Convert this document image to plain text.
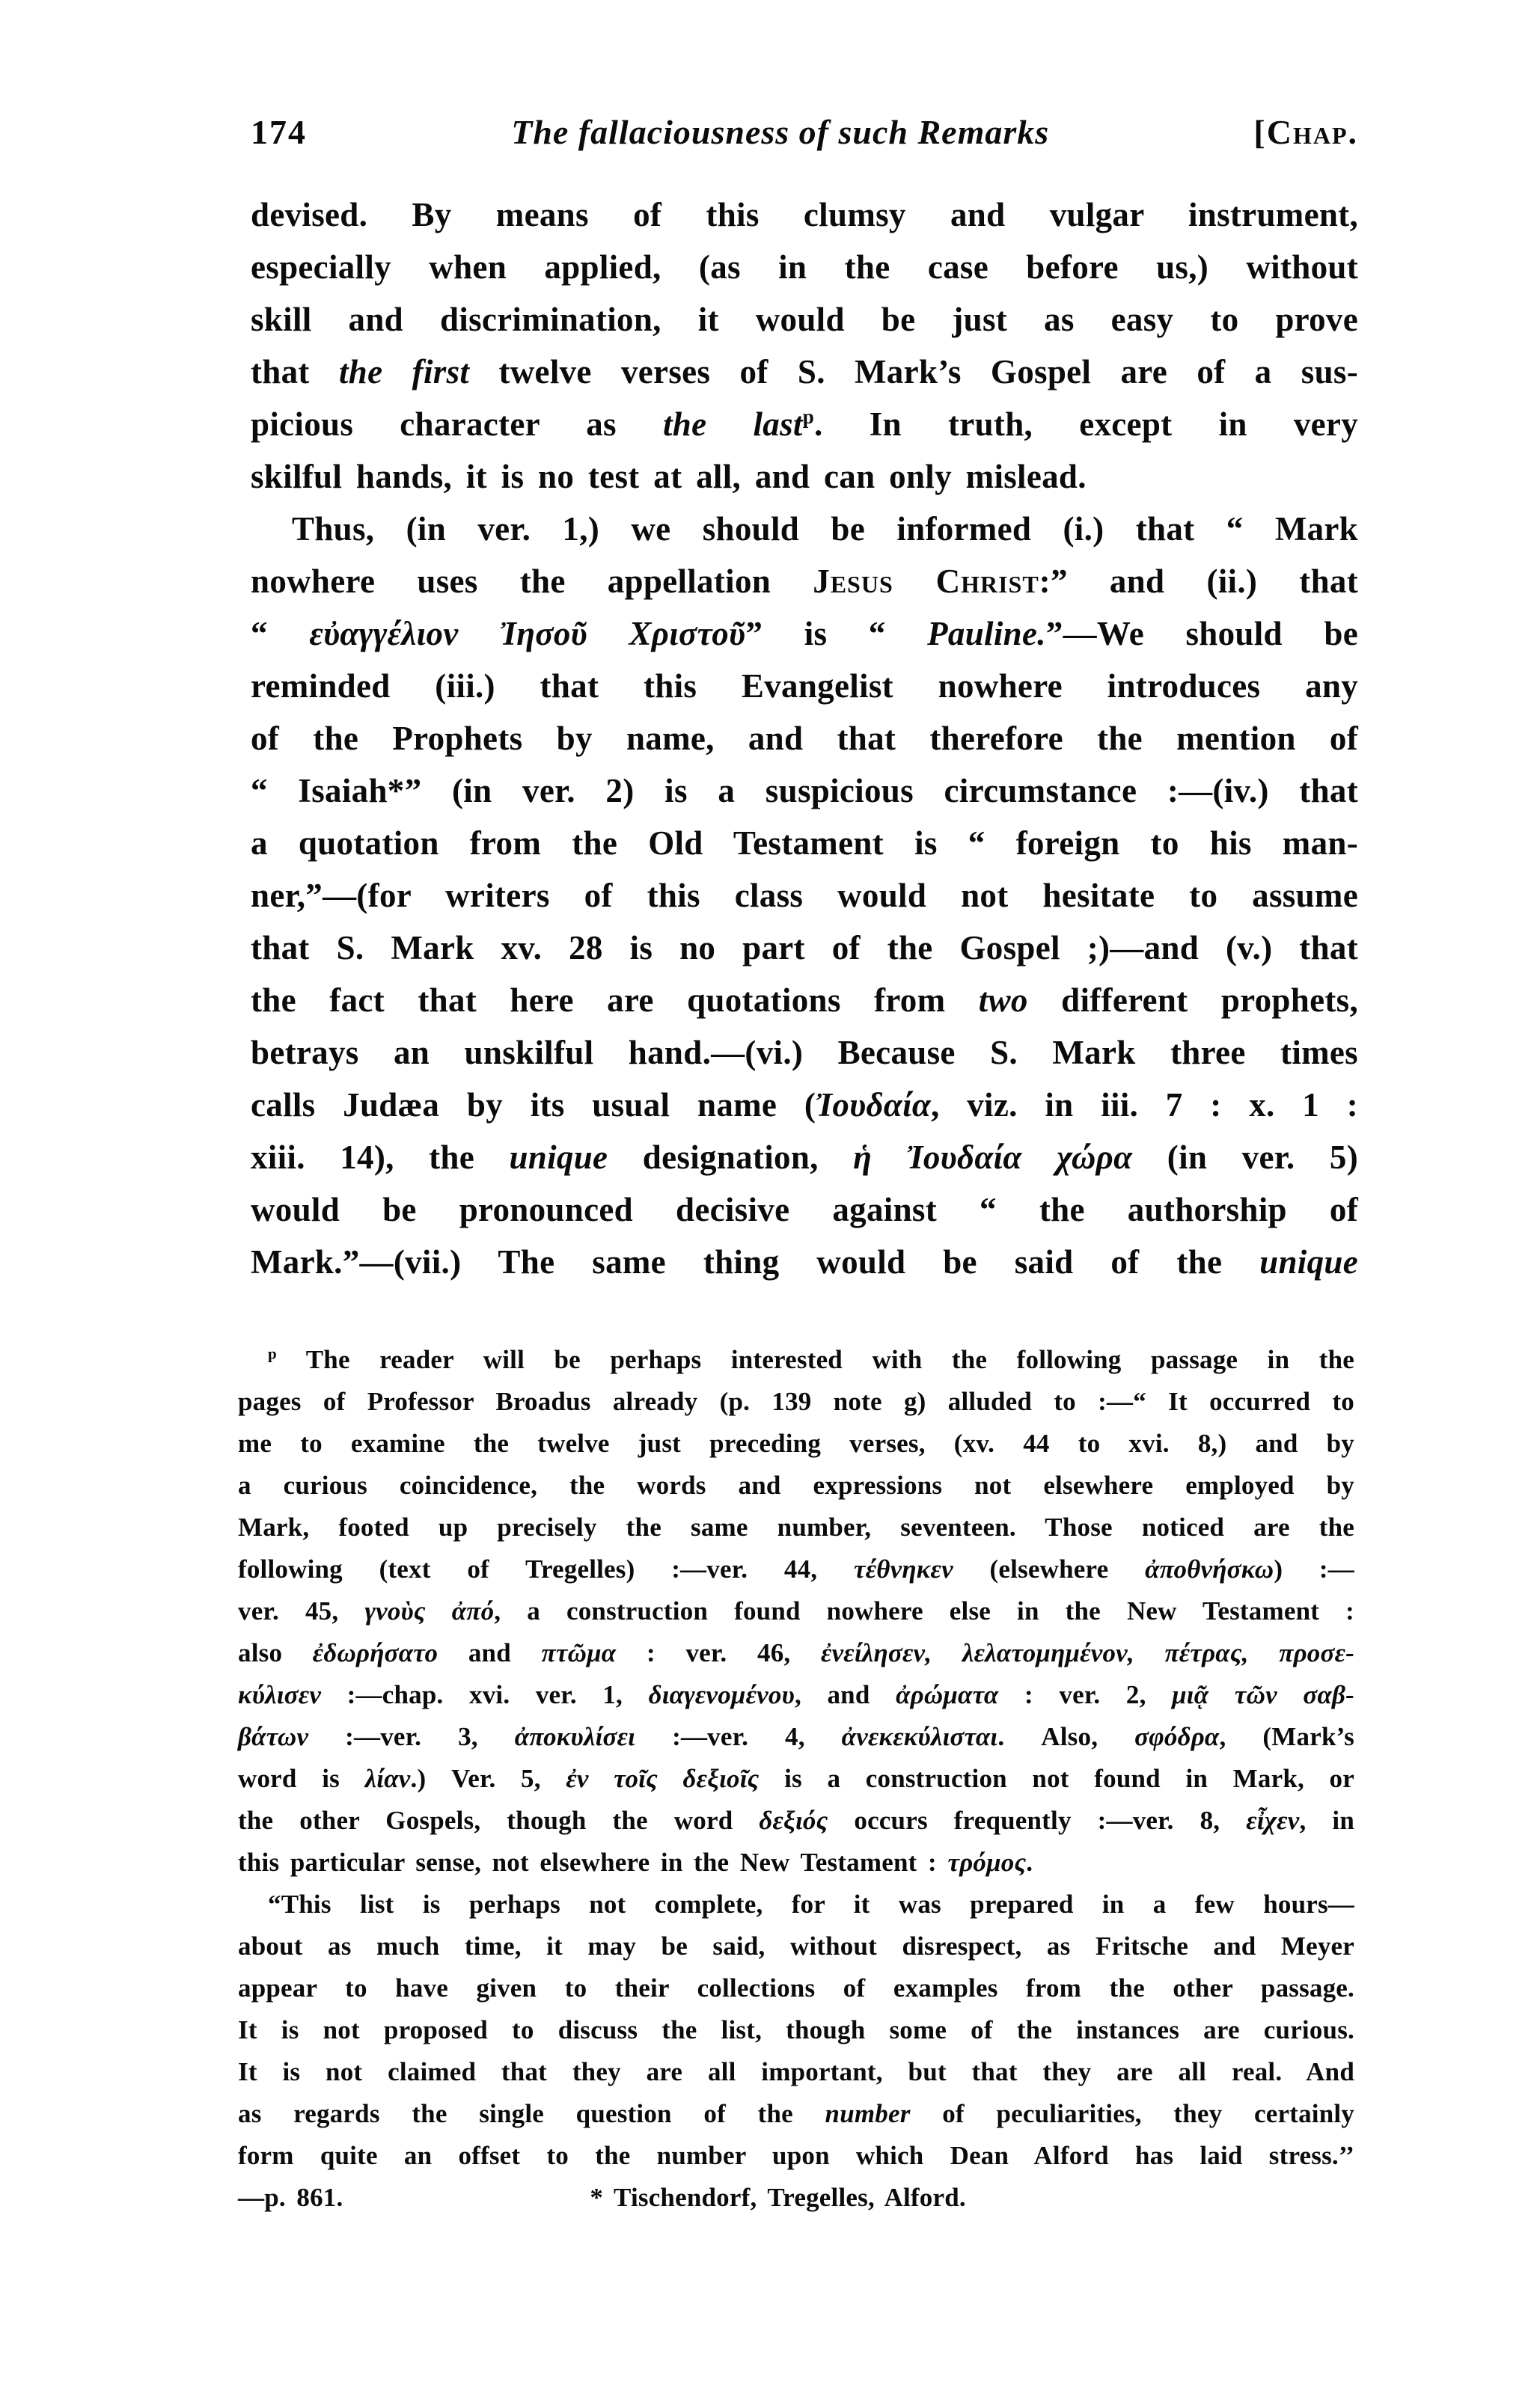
174	The fallaciousness of such Remarks	[Chap.
devised. By means of this clumsy and vulgar instrument,
especially when applied, (as in the case before us,) without
skill and discrimination, it would be just as easy to prove
that the first twelve verses of S. Mark’s Gospel are of a sus-
picious character as the last$^p$. In truth, except in very
skilful hands, it is no test at all, and can only mislead.
Thus, (in ver. 1,) we should be informed (i.) that “ Mark
nowhere uses the appellation Jesus Christ:” and (ii.) that
“ εὐαγγέλιον Ἰησοῦ Χριστοῦ” is “ Pauline.”—We should be
reminded (iii.) that this Evangelist nowhere introduces any
of the Prophets by name, and that therefore the mention of
“ Isaiah*” (in ver. 2) is a suspicious circumstance :—(iv.) that
a quotation from the Old Testament is “ foreign to his man-
ner,”—(for writers of this class would not hesitate to assume
that S. Mark xv. 28 is no part of the Gospel ;)—and (v.) that
the fact that here are quotations from two different prophets,
betrays an unskilful hand.—(vi.) Because S. Mark three times
calls Judæa by its usual name (Ἰουδαία, viz. in iii. 7 : x. 1 :
xiii. 14), the unique designation, ἡ Ἰουδαία χώρα (in ver. 5)
would be pronounced decisive against “ the authorship of
Mark.”—(vii.) The same thing would be said of the unique
$^p$ The reader will be perhaps interested with the following passage in the
pages of Professor Broadus already (p. 139 note g) alluded to :—“ It occurred to
me to examine the twelve just preceding verses, (xv. 44 to xvi. 8,) and by
a curious coincidence, the words and expressions not elsewhere employed by
Mark, footed up precisely the same number, seventeen. Those noticed are the
following (text of Tregelles) :—ver. 44, τέθνηκεν (elsewhere ἀποθνήσκω) :—
ver. 45, γνοὺς ἀπό, a construction found nowhere else in the New Testament :
also ἐδωρήσατο and πτῶμα : ver. 46, ἐνείλησεν, λελατομημένον, πέτρας, προσε-
κύλισεν :—chap. xvi. ver. 1, διαγενομένου, and ἀρώματα : ver. 2, μιᾷ τῶν σαβ-
βάτων :—ver. 3, ἀποκυλίσει :—ver. 4, ἀνεκεκύλισται. Also, σφόδρα, (Mark’s
word is λίαν.) Ver. 5, ἐν τοῖς δεξιοῖς is a construction not found in Mark, or
the other Gospels, though the word δεξιός occurs frequently :—ver. 8, εἶχεν, in
this particular sense, not elsewhere in the New Testament : τρόμος.
“This list is perhaps not complete, for it was prepared in a few hours—
about as much time, it may be said, without disrespect, as Fritsche and Meyer
appear to have given to their collections of examples from the other passage.
It is not proposed to discuss the list, though some of the instances are curious.
It is not claimed that they are all important, but that they are all real. And
as regards the single question of the number of peculiarities, they certainly
form quite an offset to the number upon which Dean Alford has laid stress.’’
—p. 861.	* Tischendorf, Tregelles, Alford.
